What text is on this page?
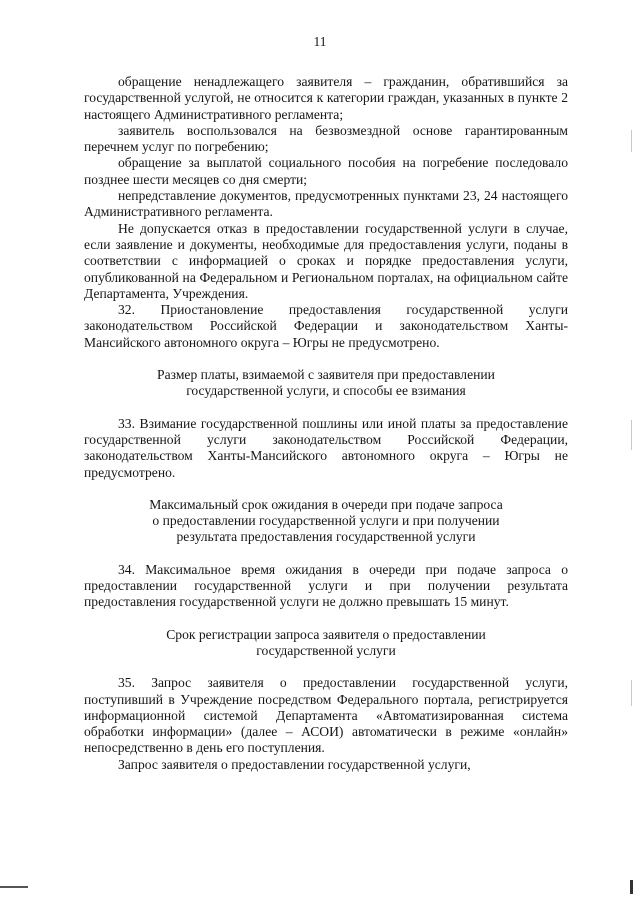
11

обращение ненадлежащего заявителя – гражданин, обратившийся за государственной услугой, не относится к категории граждан, указанных в пункте 2 настоящего Административного регламента;

заявитель воспользовался на безвозмездной основе гарантированным перечнем услуг по погребению;

обращение за выплатой социального пособия на погребение последовало позднее шести месяцев со дня смерти;

непредставление документов, предусмотренных пунктами 23, 24 настоящего Административного регламента.

Не допускается отказ в предоставлении государственной услуги в случае, если заявление и документы, необходимые для предоставления услуги, поданы в соответствии с информацией о сроках и порядке предоставления услуги, опубликованной на Федеральном и Региональном порталах, на официальном сайте Департамента, Учреждения.

32. Приостановление предоставления государственной услуги законодательством Российской Федерации и законодательством Ханты-Мансийского автономного округа – Югры не предусмотрено.

Размер платы, взимаемой с заявителя при предоставлении
государственной услуги, и способы ее взимания

33. Взимание государственной пошлины или иной платы за предоставление государственной услуги законодательством Российской Федерации, законодательством Ханты-Мансийского автономного округа – Югры не предусмотрено.

Максимальный срок ожидания в очереди при подаче запроса
о предоставлении государственной услуги и при получении
результата предоставления государственной услуги

34. Максимальное время ожидания в очереди при подаче запроса о предоставлении государственной услуги и при получении результата предоставления государственной услуги не должно превышать 15 минут.

Срок регистрации запроса заявителя о предоставлении
государственной услуги

35. Запрос заявителя о предоставлении государственной услуги, поступивший в Учреждение посредством Федерального портала, регистрируется информационной системой Департамента «Автоматизированная система обработки информации» (далее – АСОИ) автоматически в режиме «онлайн» непосредственно в день его поступления.

Запрос заявителя о предоставлении государственной услуги,
